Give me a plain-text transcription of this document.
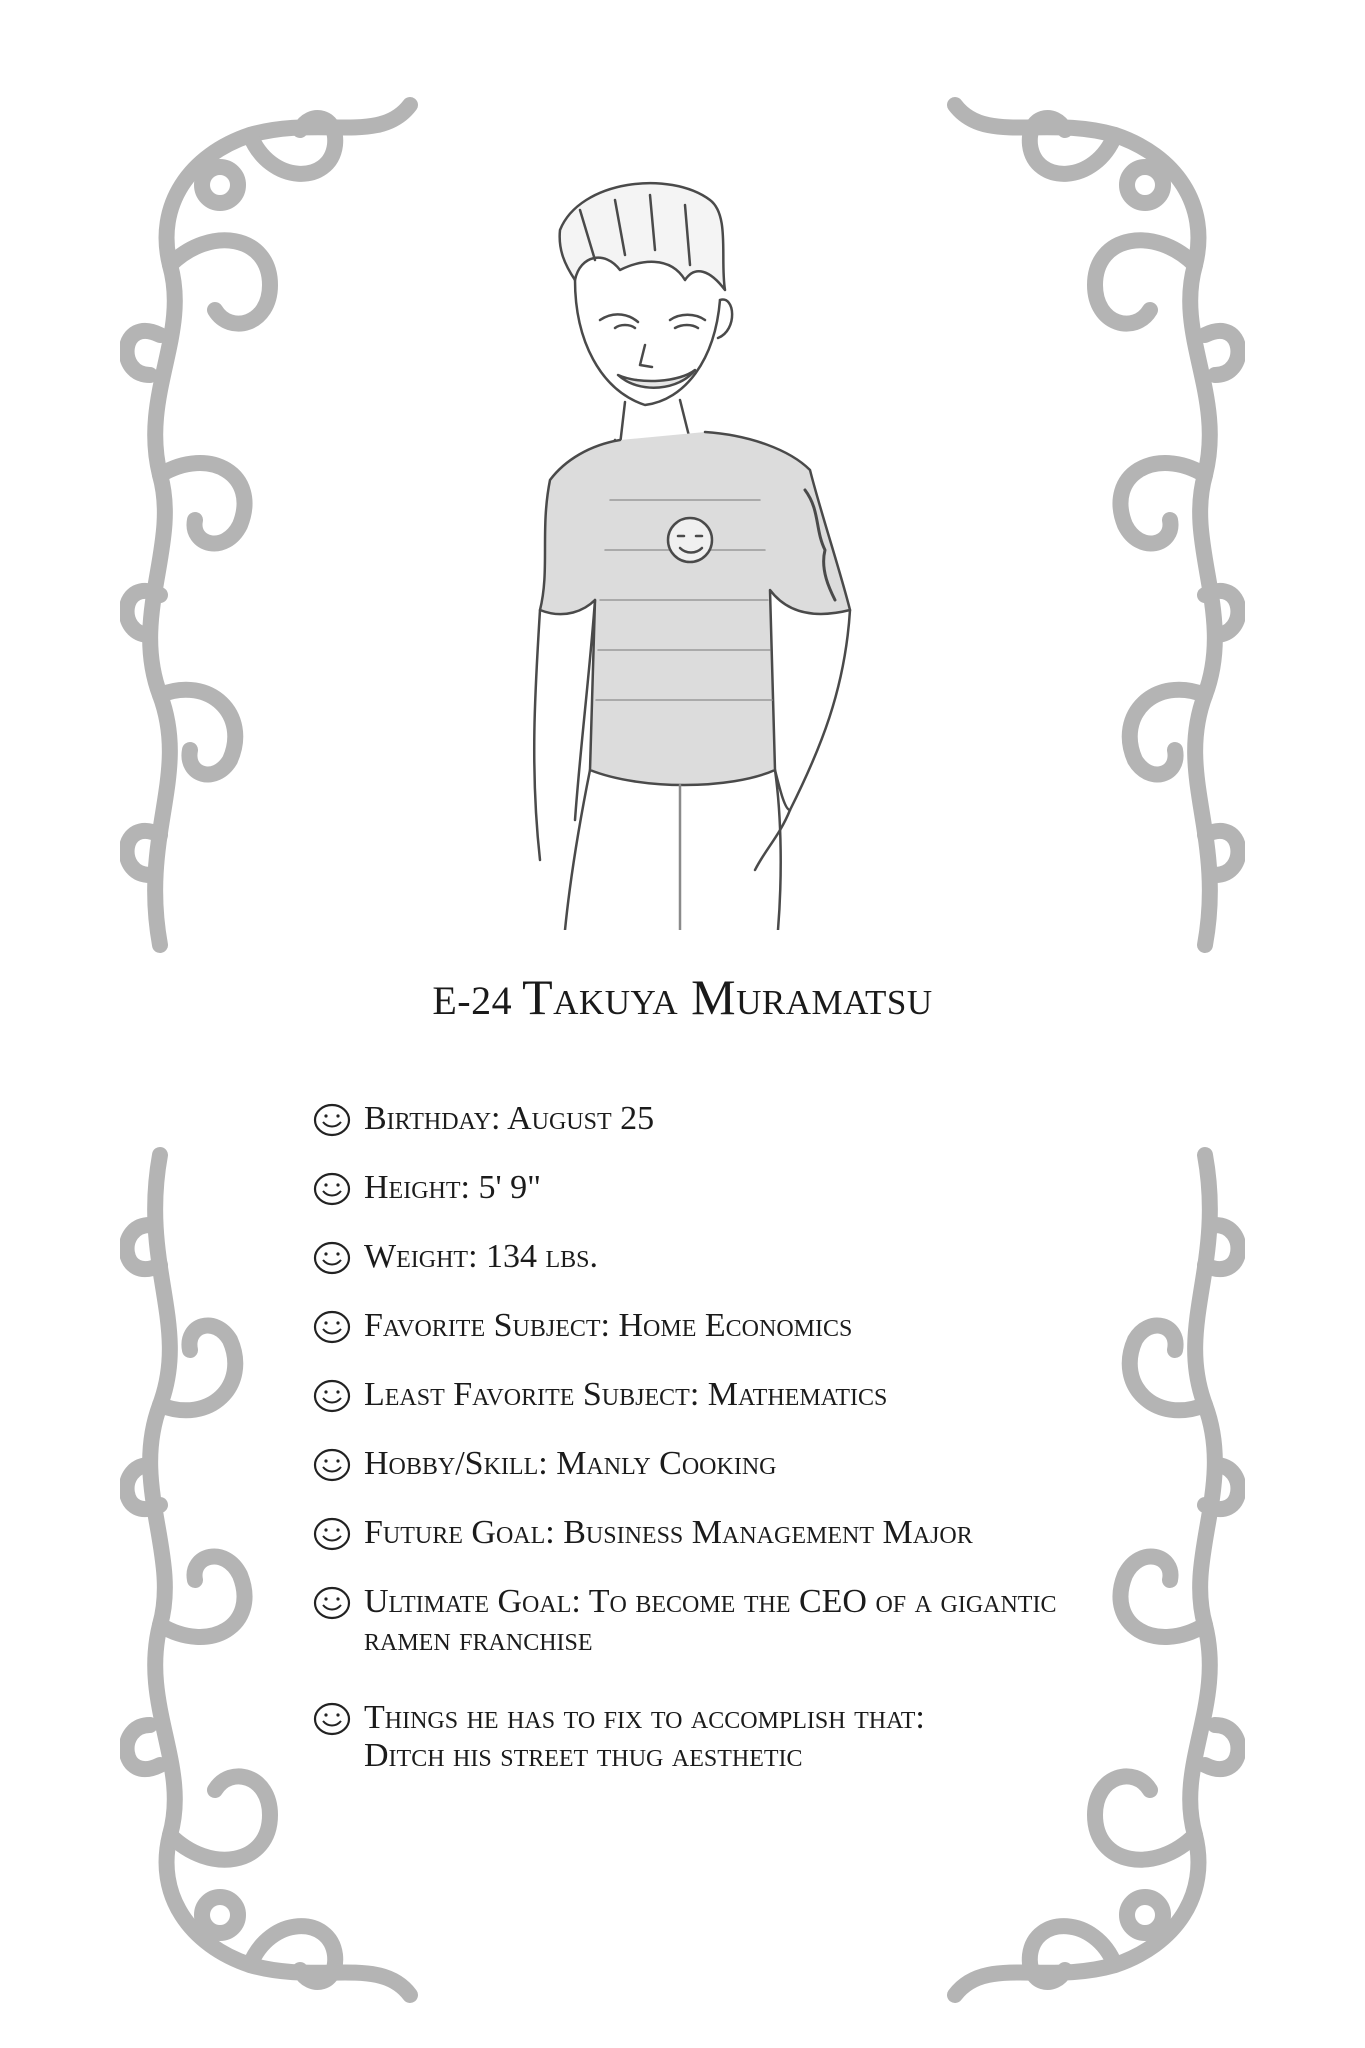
E-24 Takuya Muramatsu
Birthday: August 25
Height: 5' 9"
Weight: 134 lbs.
Favorite Subject: Home Economics
Least Favorite Subject: Mathematics
Hobby/Skill: Manly Cooking
Future Goal: Business Management Major
Ultimate Goal: To become the CEO of a gigantic
ramen franchise
Things he has to fix to accomplish that:
Ditch his street thug aesthetic
